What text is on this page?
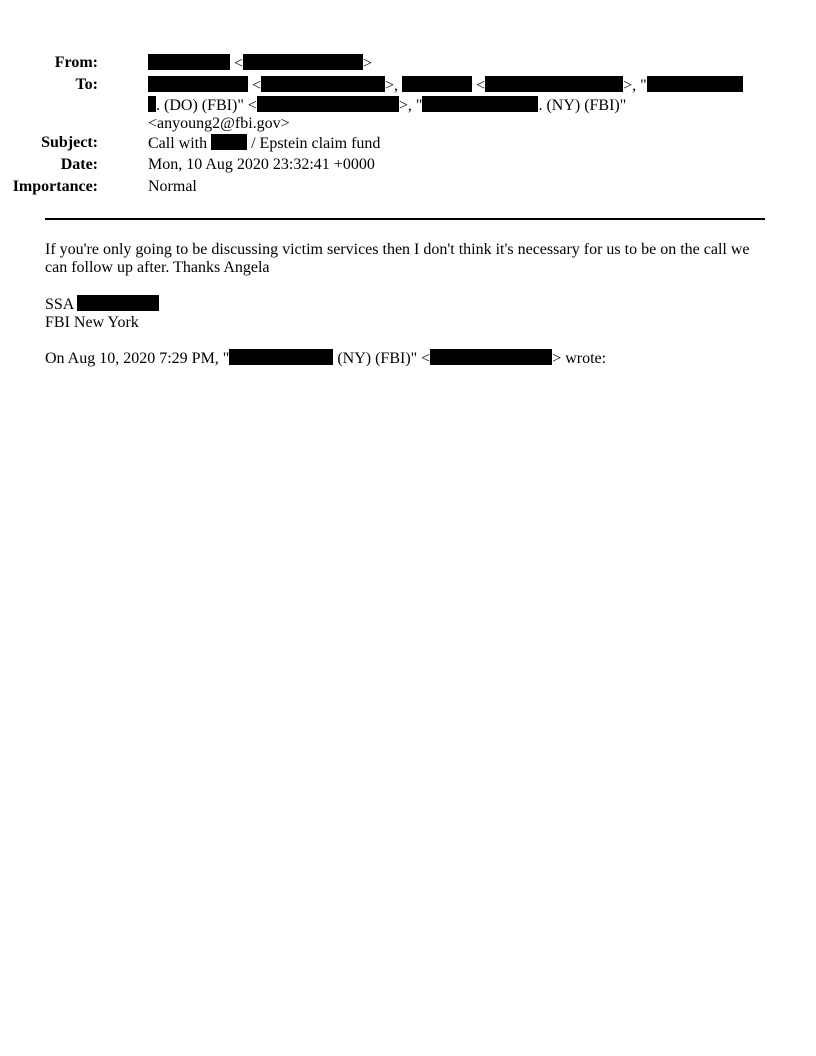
From:	<	>
To:	<	>,	<	>, "
. (DO) (FBI)" <	>, "	. (NY) (FBI)"
<anyoung2@fbi.gov>
Subject:	Call with	/ Epstein claim fund
Date:	Mon, 10 Aug 2020 23:32:41 +0000
Importance:	Normal
If you're only going to be discussing victim services then I don't think it's necessary for us to be on the call we
can follow up after. Thanks Angela
SSA
FBI New York
On Aug 10, 2020 7:29 PM, "	(NY) (FBI)" <	> wrote:
